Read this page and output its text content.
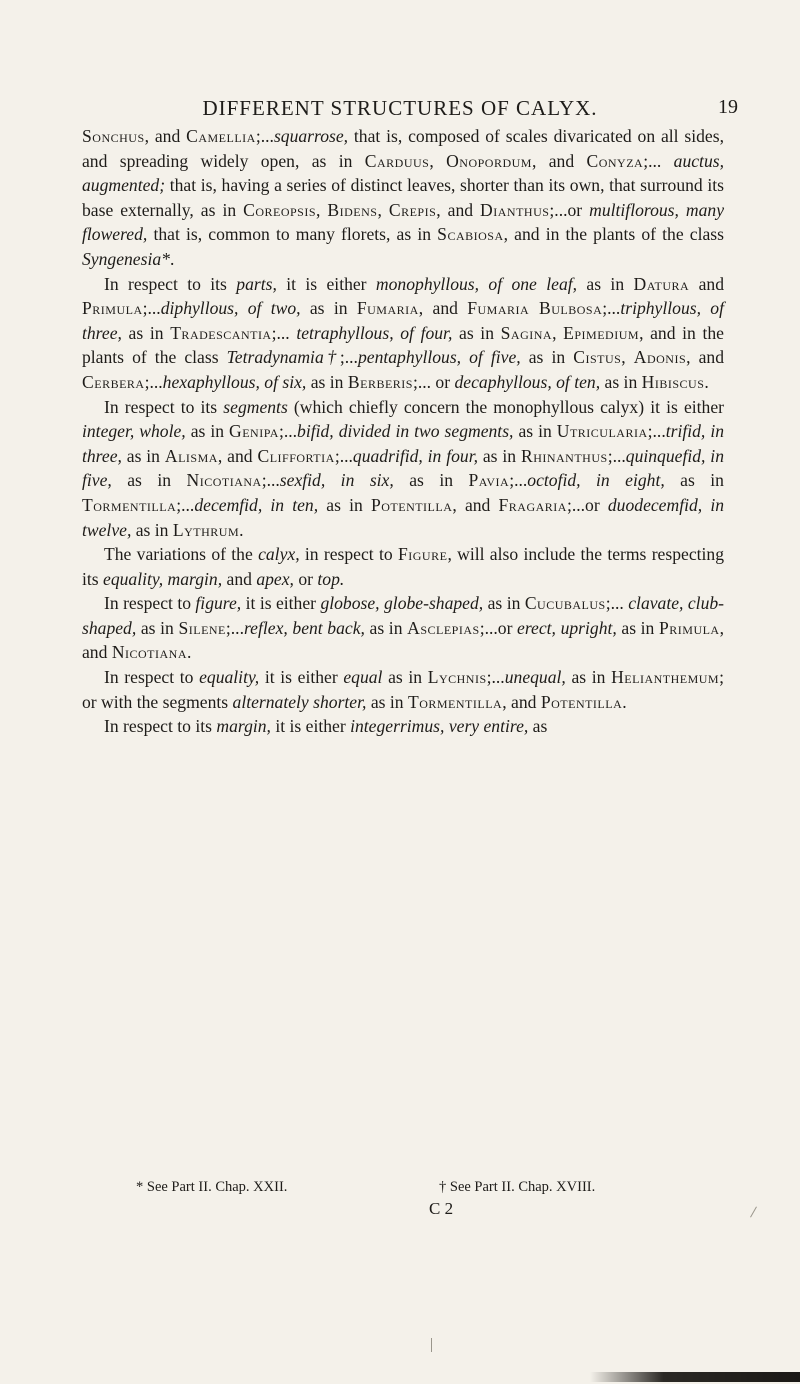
DIFFERENT STRUCTURES OF CALYX.	19

Sonchus, and Camellia;...squarrose, that is, composed of scales divaricated on all sides, and spreading widely open, as in Carduus, Onopordum, and Conyza;... auctus, augmented; that is, having a series of distinct leaves, shorter than its own, that surround its base externally, as in Coreopsis, Bidens, Crepis, and Dianthus;...or multiflorous, many flowered, that is, common to many florets, as in Scabiosa, and in the plants of the class Syngenesia*.

In respect to its parts, it is either monophyllous, of one leaf, as in Datura and Primula;...diphyllous, of two, as in Fumaria, and Fumaria Bulbosa;...triphyllous, of three, as in Tradescantia;... tetraphyllous, of four, as in Sagina, Epimedium, and in the plants of the class Tetradynamia†;...pentaphyllous, of five, as in Cistus, Adonis, and Cerbera;...hexaphyllous, of six, as in Berberis;... or decaphyllous, of ten, as in Hibiscus.

In respect to its segments (which chiefly concern the monophyllous calyx) it is either integer, whole, as in Genipa;...bifid, divided in two segments, as in Utricularia;...trifid, in three, as in Alisma, and Cliffortia;...quadrifid, in four, as in Rhinanthus;...quinquefid, in five, as in Nicotiana;...sexfid, in six, as in Pavia;...octofid, in eight, as in Tormentilla;...decemfid, in ten, as in Potentilla, and Fragaria;...or duodecemfid, in twelve, as in Lythrum.

The variations of the calyx, in respect to Figure, will also include the terms respecting its equality, margin, and apex, or top.

In respect to figure, it is either globose, globe-shaped, as in Cucubalus;... clavate, club-shaped, as in Silene;...reflex, bent back, as in Asclepias;...or erect, upright, as in Primula, and Nicotiana.

In respect to equality, it is either equal as in Lychnis;...unequal, as in Helianthemum; or with the segments alternately shorter, as in Tormentilla, and Potentilla.

In respect to its margin, it is either integerrimus, very entire, as

* See Part II. Chap. XXII.	† See Part II. Chap. XVIII.
C 2
